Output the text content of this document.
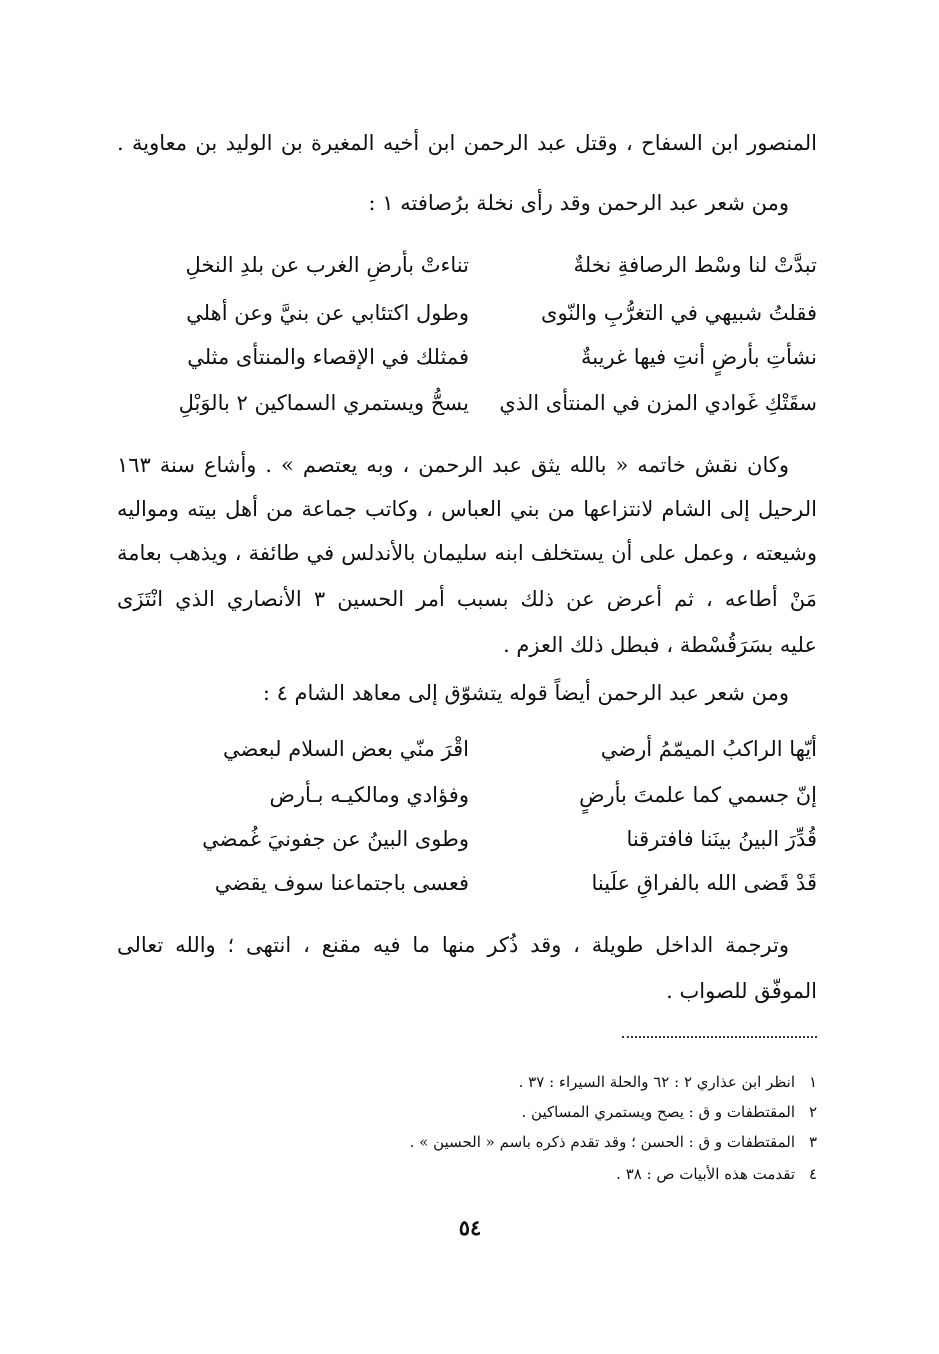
المنصور ابن السفاح ، وقتل عبد الرحمن ابن أخيه المغيرة بن الوليد بن معاوية .
ومن شعر عبد الرحمن وقد رأى نخلة برُصافته ١ :
تبدَّتْ لنا وسْط الرصافةِ نخلةٌ
تناءتْ بأرضِ الغرب عن بلدِ النخلِ
فقلتُ شبيهي في التغرُّبِ والنّوى
وطول اكتئابي عن بنيَّ وعن أهلي
نشأتِ بأرضٍ أنتِ فيها غريبةٌ
فمثلك في الإقصاء والمنتأى مثلي
سقَتْكِ غَوادي المزن في المنتأى الذي
يسحُّ ويستمري السماكين ٢ بالوَبْلِ
وكان نقش خاتمه « بالله يثق عبد الرحمن ، وبه يعتصم » . وأشاع سنة ١٦٣
الرحيل إلى الشام لانتزاعها من بني العباس ، وكاتب جماعة من أهل بيته ومواليه
وشيعته ، وعمل على أن يستخلف ابنه سليمان بالأندلس في طائفة ، ويذهب بعامة
مَنْ أطاعه ، ثم أعرض عن ذلك بسبب أمر الحسين ٣ الأنصاري الذي انْتَزَى
عليه بسَرَقُسْطة ، فبطل ذلك العزم .
ومن شعر عبد الرحمن أيضاً قوله يتشوّق إلى معاهد الشام ٤ :
أيّها الراكبُ الميمّمُ أرضي
اقْرَ منّي بعض السلام لبعضي
إنّ جسمي كما علمتَ بأرضٍ
وفؤادي ومالكيـه بـأرض
قُدِّرَ البينُ بينَنا فافترقنا
وطوى البينُ عن جفونيَ غُمضي
قَدْ قَضى الله بالفراقِ علَينا
فعسى باجتماعنا سوف يقضي
وترجمة الداخل طويلة ، وقد ذُكر منها ما فيه مقنع ، انتهى ؛ والله تعالى
الموفّق للصواب .
١انظر ابن عذاري ٢ : ٦٢ والحلة السيراء : ٣٧ .
٢المقتطفات و ق : يصح ويستمري المساكين .
٣المقتطفات و ق : الحسن ؛ وقد تقدم ذكره باسم « الحسين » .
٤تقدمت هذه الأبيات ص : ٣٨ .
٥٤
